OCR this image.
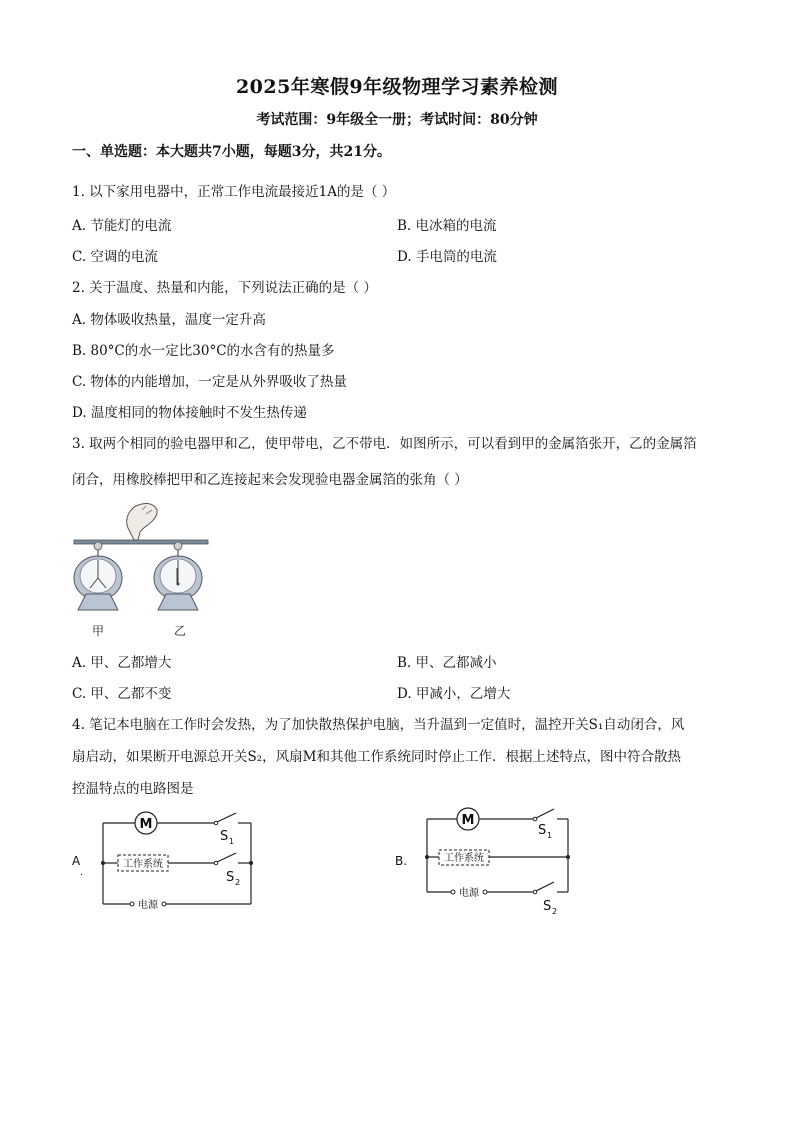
2025年寒假9年级物理学习素养检测
考试范围：9年级全一册；考试时间：80分钟
一、单选题：本大题共7小题，每题3分，共21分。
1. 以下家用电器中，正常工作电流最接近1A的是（ ）
A. 节能灯的电流	B. 电冰箱的电流
C. 空调的电流	D. 手电筒的电流
2. 关于温度、热量和内能，下列说法正确的是（ ）
A. 物体吸收热量，温度一定升高
B. 80°C的水一定比30°C的水含有的热量多
C. 物体的内能增加，一定是从外界吸收了热量
D. 温度相同的物体接触时不发生热传递
3. 取两个相同的验电器甲和乙，使甲带电，乙不带电．如图所示，可以看到甲的金属箔张开，乙的金属箔
闭合，用橡胶棒把甲和乙连接起来会发现验电器金属箔的张角（ ）
甲	乙
A. 甲、乙都增大	B. 甲、乙都减小
C. 甲、乙都不变	D. 甲减小，乙增大
4. 笔记本电脑在工作时会发热，为了加快散热保护电脑，当升温到一定值时，温控开关S₁自动闭合，风
扇启动，如果断开电源总开关S₂，风扇M和其他工作系统同时停止工作．根据上述特点，图中符合散热
控温特点的电路图是
A
.
M
S 1
工作系统
S 2
电源
B.
M
S 1
工作系统
电源
S 2
